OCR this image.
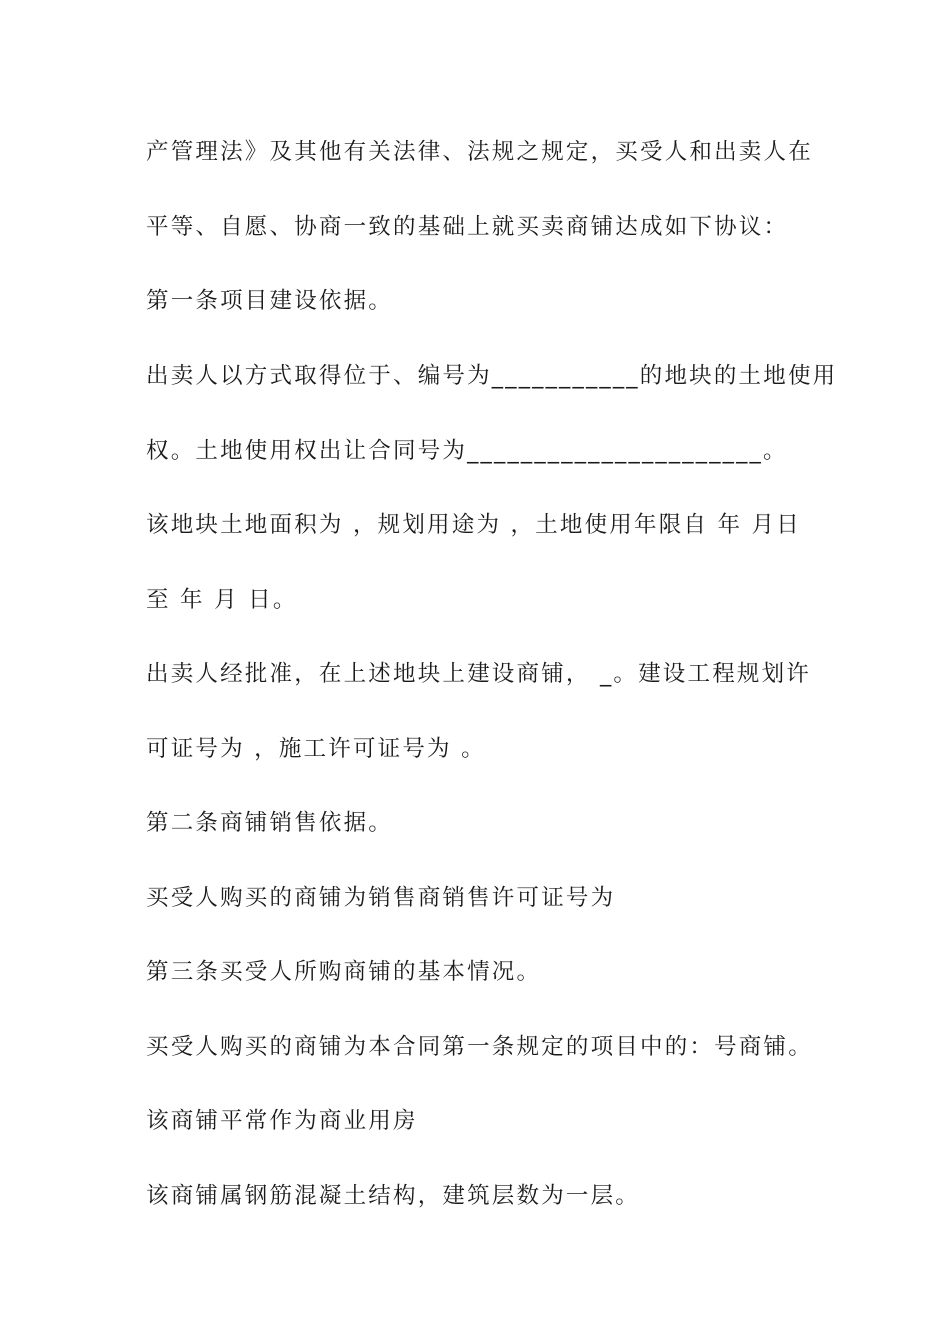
产管理法》及其他有关法律、法规之规定，买受人和出卖人在

平等、自愿、协商一致的基础上就买卖商铺达成如下协议：

第一条项目建设依据。

出卖人以方式取得位于、编号为___________的地块的土地使用

权。土地使用权出让合同号为______________________。

该地块土地面积为 ，规划用途为 ，土地使用年限自 年 月日

至 年 月 日。

出卖人经批准，在上述地块上建设商铺， _。建设工程规划许

可证号为 ，施工许可证号为 。

第二条商铺销售依据。

买受人购买的商铺为销售商销售许可证号为

第三条买受人所购商铺的基本情况。

买受人购买的商铺为本合同第一条规定的项目中的：号商铺。

该商铺平常作为商业用房

该商铺属钢筋混凝土结构，建筑层数为一层。
